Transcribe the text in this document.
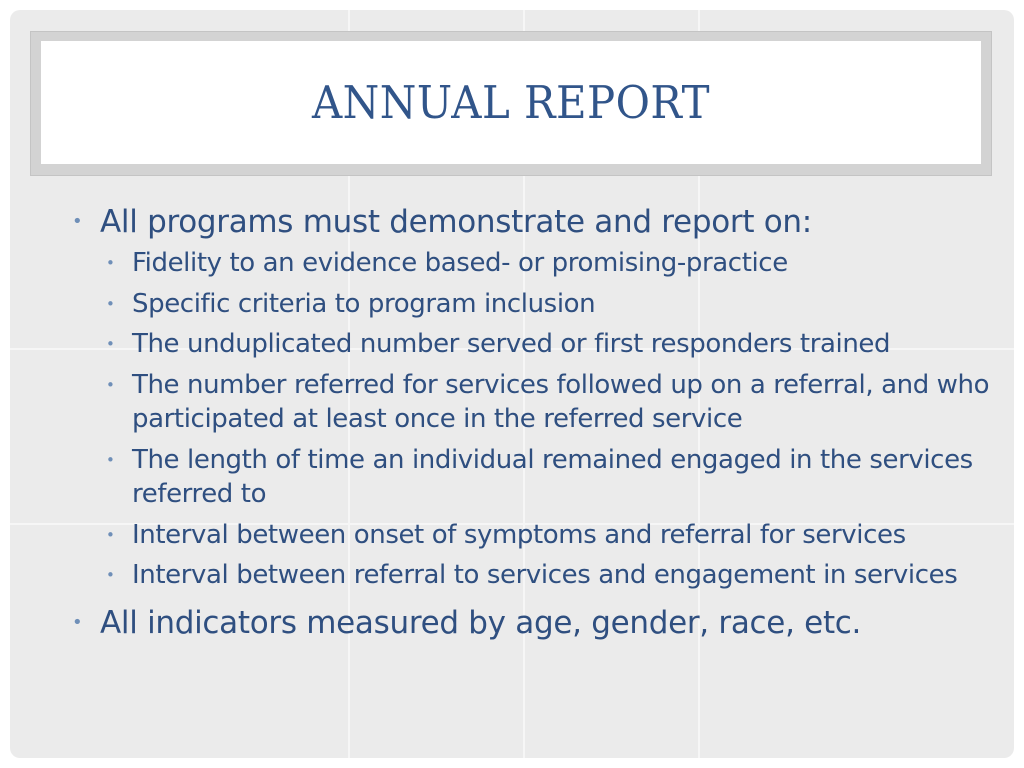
ANNUAL REPORT
• All programs must demonstrate and report on:
• Fidelity to an evidence based- or promising-practice
• Specific criteria to program inclusion
• The unduplicated number served or first responders trained
• The number referred for services followed up on a referral, and who participated at least once in the referred service
• The length of time an individual remained engaged in the services referred to
• Interval between onset of symptoms and referral for services
• Interval between referral to services and engagement in services
• All indicators measured by age, gender, race, etc.
